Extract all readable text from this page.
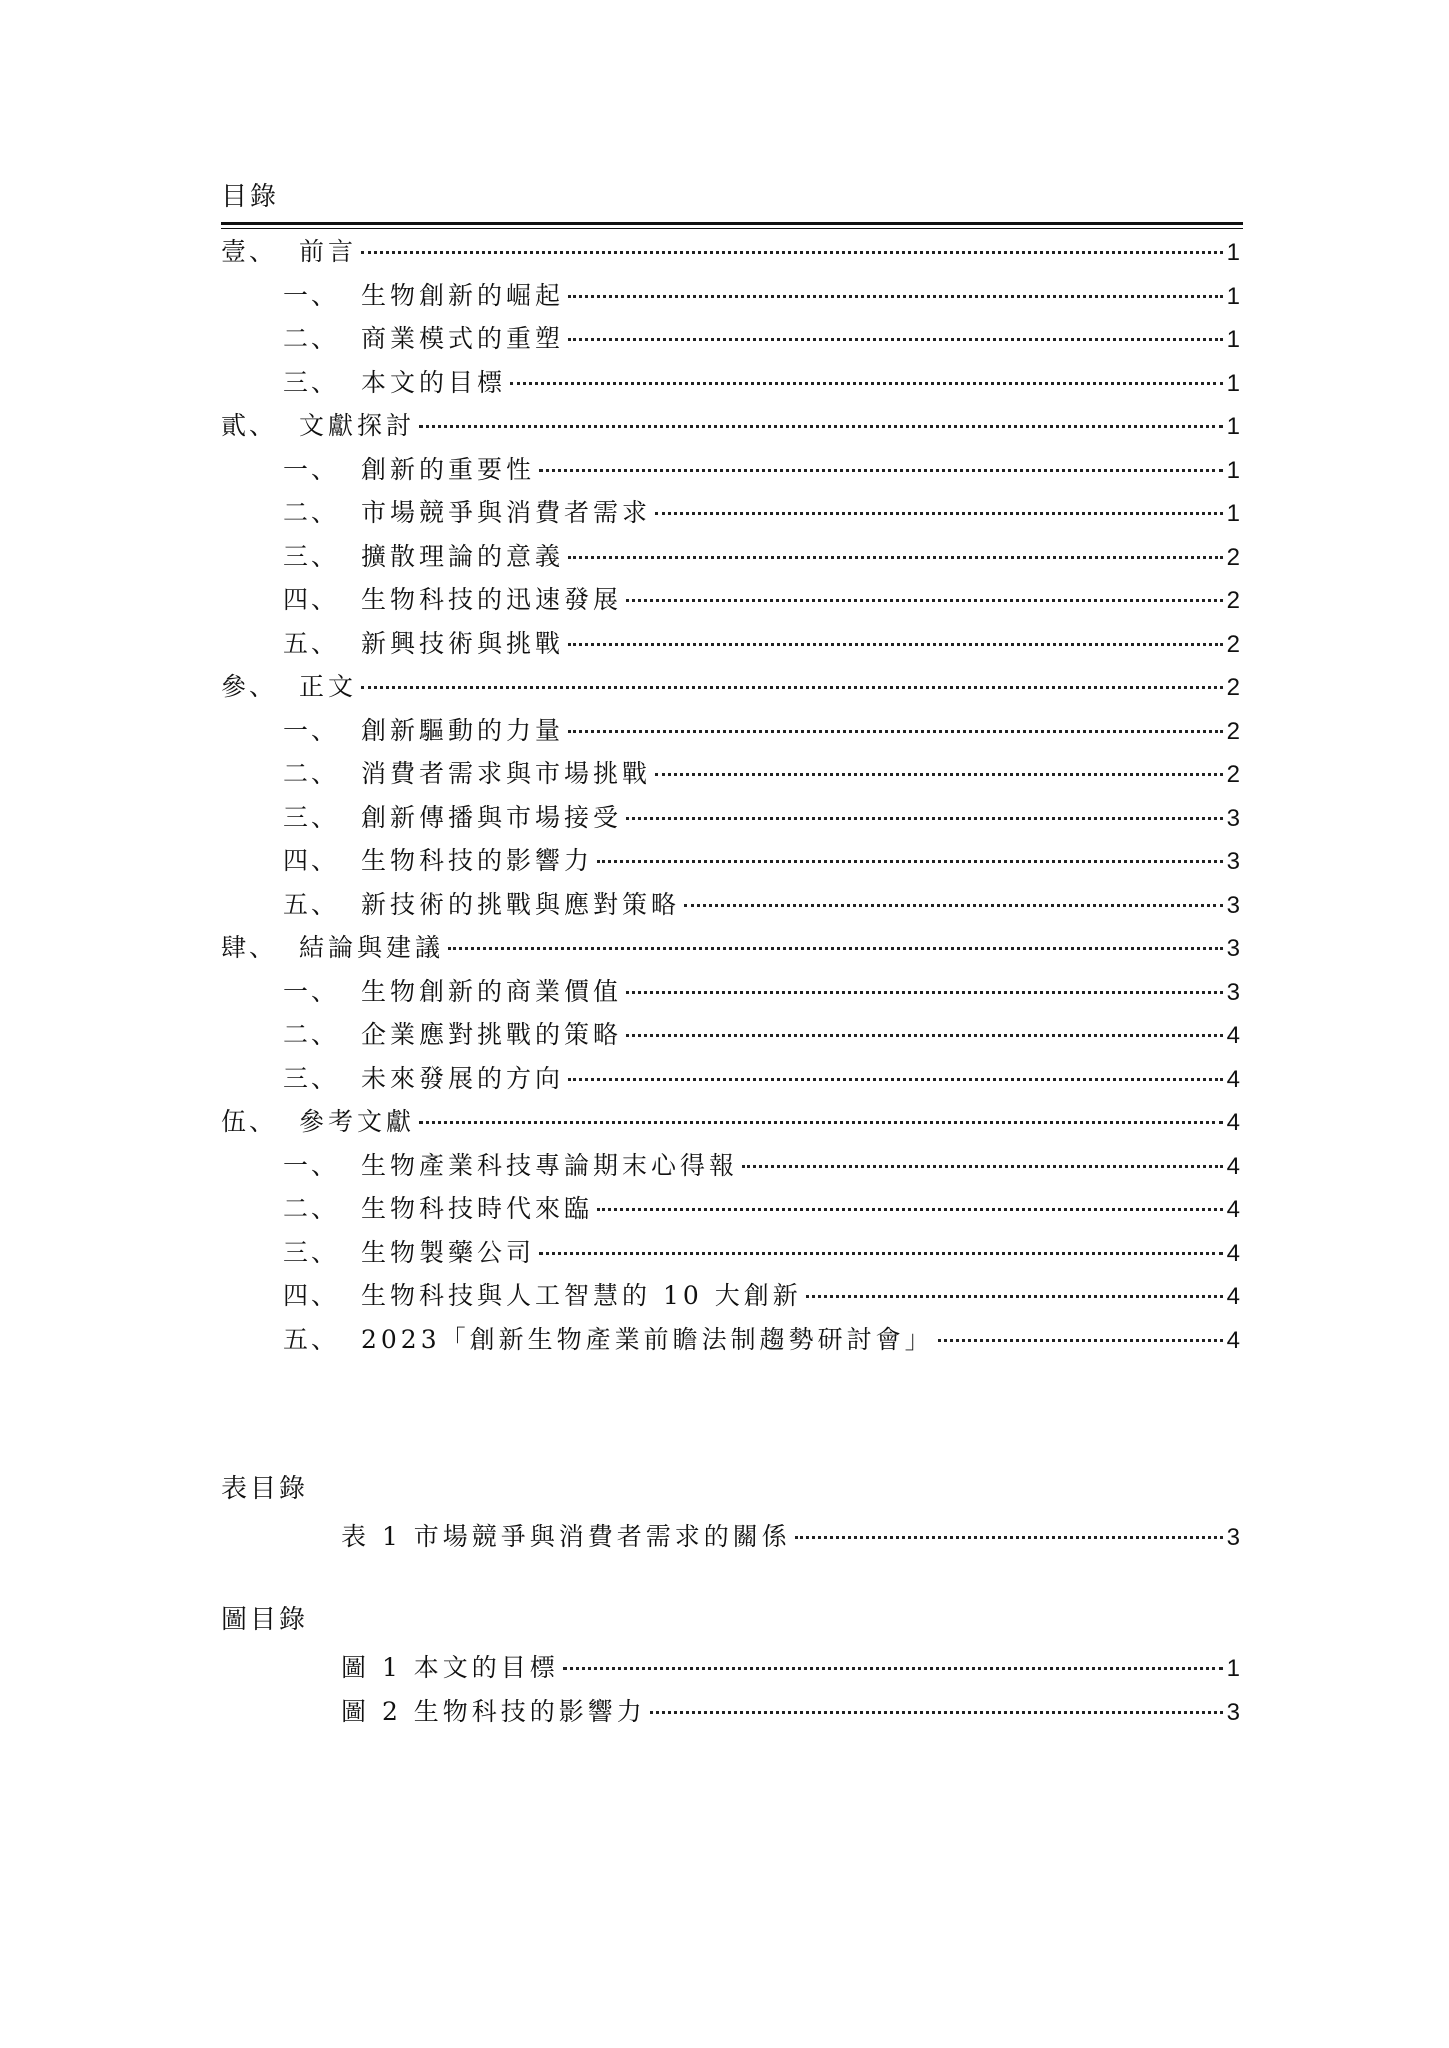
目錄
壹、 前言	1
一、 生物創新的崛起	1
二、 商業模式的重塑	1
三、 本文的目標	1
貳、 文獻探討	1
一、 創新的重要性	1
二、 市場競爭與消費者需求	1
三、 擴散理論的意義	2
四、 生物科技的迅速發展	2
五、 新興技術與挑戰	2
參、 正文	2
一、 創新驅動的力量	2
二、 消費者需求與市場挑戰	2
三、 創新傳播與市場接受	3
四、 生物科技的影響力	3
五、 新技術的挑戰與應對策略	3
肆、 結論與建議	3
一、 生物創新的商業價值	3
二、 企業應對挑戰的策略	4
三、 未來發展的方向	4
伍、 參考文獻	4
一、 生物產業科技專論期末心得報	4
二、 生物科技時代來臨	4
三、 生物製藥公司	4
四、 生物科技與人工智慧的 10 大創新	4
五、 2023「創新生物產業前瞻法制趨勢研討會」	4
表目錄
表 1 市場競爭與消費者需求的關係	3
圖目錄
圖 1 本文的目標	1
圖 2 生物科技的影響力	3
